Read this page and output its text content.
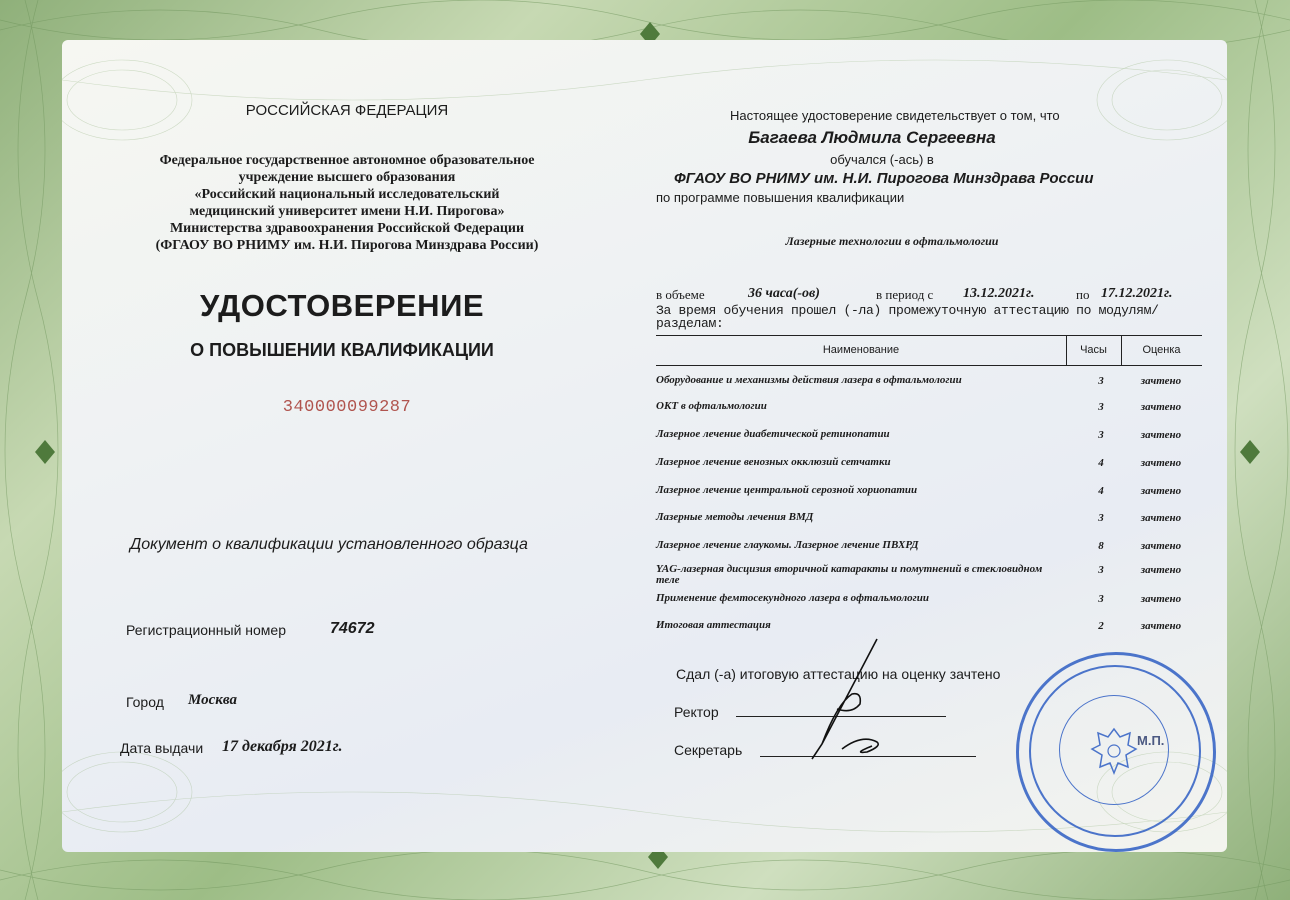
РОССИЙСКАЯ ФЕДЕРАЦИЯ
Федеральное государственное автономное образовательное
учреждение высшего образования
«Российский национальный исследовательский
медицинский университет имени Н.И. Пирогова»
Министерства здравоохранения Российской Федерации
(ФГАОУ ВО РНИМУ им. Н.И. Пирогова Минздрава России)
УДОСТОВЕРЕНИЕ
О ПОВЫШЕНИИ КВАЛИФИКАЦИИ
340000099287
Документ о квалификации установленного образца
Регистрационный номер	74672
Город Москва
Дата выдачи 17 декабря 2021г.
Настоящее удостоверение свидетельствует о том, что
Багаева Людмила Сергеевна
обучался (-ась) в
ФГАОУ ВО РНИМУ им. Н.И. Пирогова Минздрава России
по программе повышения квалификации
Лазерные технологии в офтальмологии
в объеме	36 часа(-ов)	в период с 13.12.2021г.	по 17.12.2021г.
За время обучения прошел (-ла) промежуточную аттестацию по модулям/разделам:
Наименование	Часы	Оценка
Оборудование и механизмы действия лазера в офтальмологии	3	зачтено
ОКТ в офтальмологии	3	зачтено
Лазерное лечение диабетической ретинопатии	3	зачтено
Лазерное лечение венозных окклюзий сетчатки	4	зачтено
Лазерное лечение центральной серозной хориопатии	4	зачтено
Лазерные методы лечения ВМД	3	зачтено
Лазерное лечение глаукомы. Лазерное лечение ПВХРД	8	зачтено
YAG-лазерная дисцизия вторичной катаракты и помутнений в стекловидном теле
3	зачтено
Применение фемтосекундного лазера в офтальмологии	3	зачтено
Итоговая аттестация	2	зачтено
Сдал (-а) итоговую аттестацию на оценку зачтено
Ректор
Секретарь
М.П.
